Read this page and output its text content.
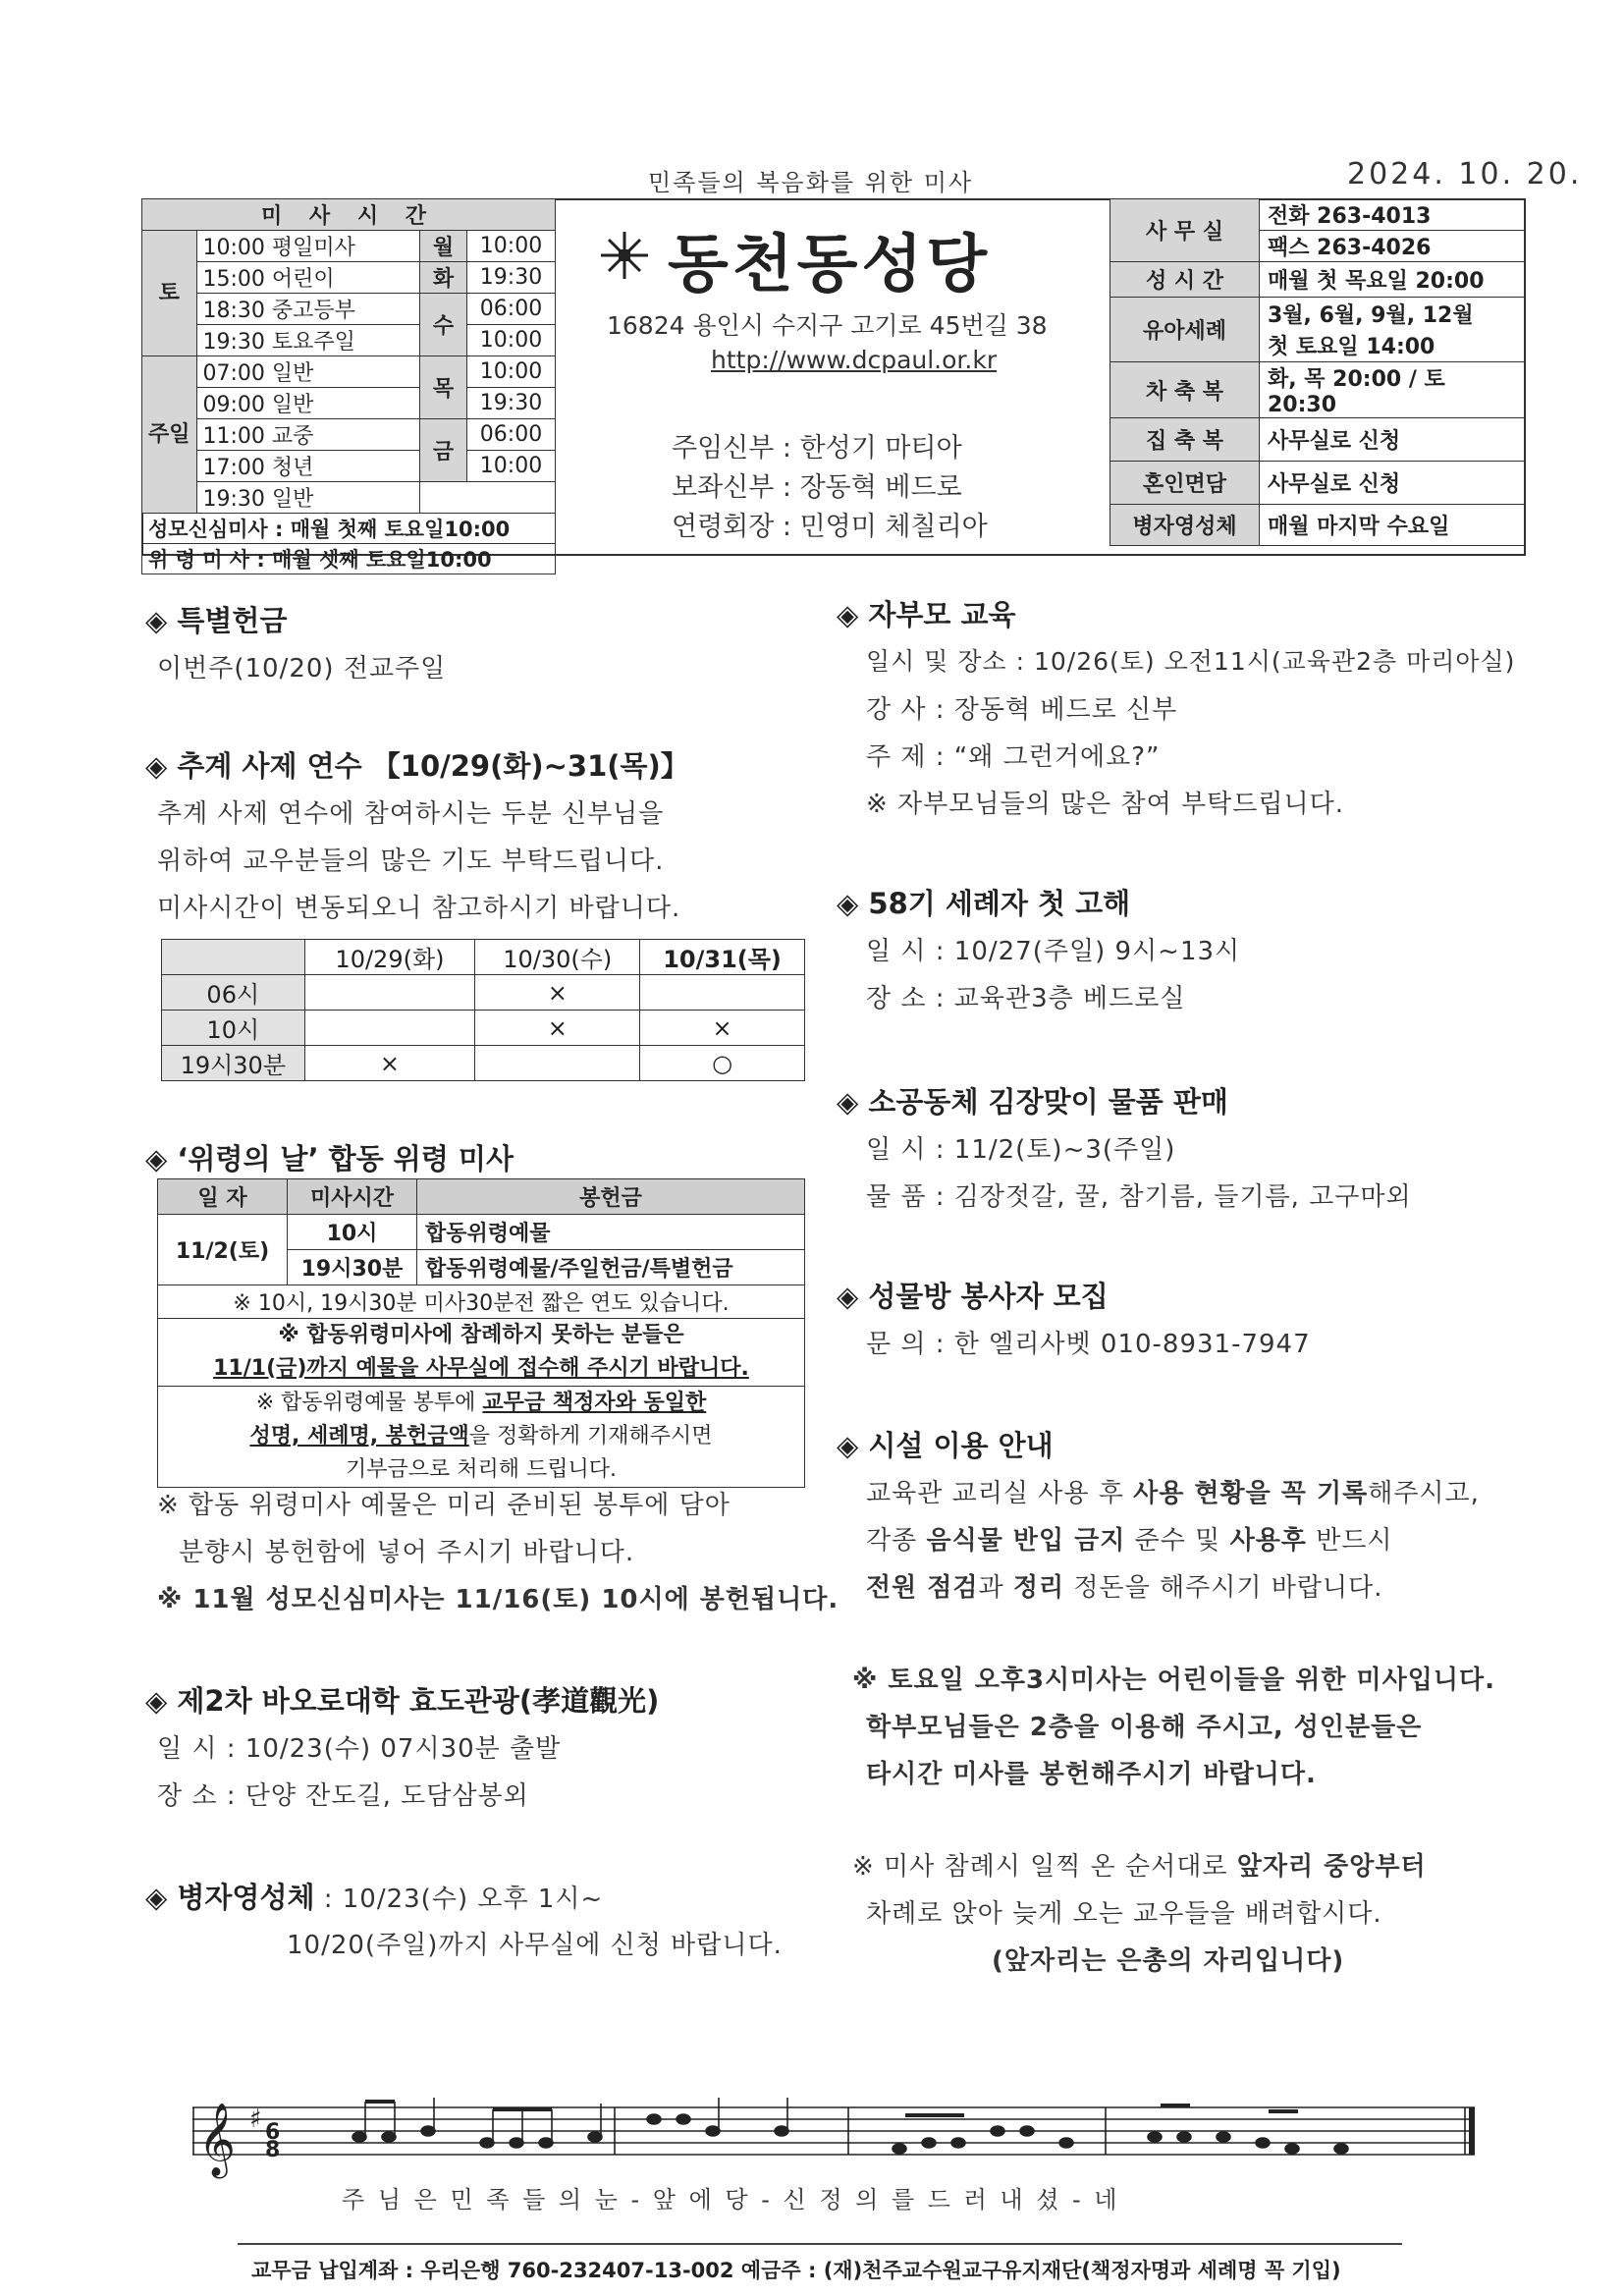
민족들의 복음화를 위한 미사	2024. 10. 20.
미 사 시 간			
토	10:00 평일미사	월	10:00
	15:00 어린이	화	19:30
	18:30 중고등부	수	06:00
	19:30 토요주일		10:00
주일	07:00 일반	목	10:00
	09:00 일반		19:30
	11:00 교중	금	06:00
	17:00 청년		10:00
	19:30 일반		
성모신심미사 : 매월 첫째 토요일10:00			
위 령 미 사 : 매월 셋째 토요일10:00			
동천동성당
16824 용인시 수지구 고기로 45번길 38
http://www.dcpaul.or.kr
주임신부 : 한성기 마티아
보좌신부 : 장동혁 베드로
연령회장 : 민영미 체칠리아
사 무 실	전화 263-4013
	팩스 263-4026
성 시 간	매월 첫 목요일 20:00
유아세례	3월, 6월, 9월, 12월
	첫 토요일 14:00
차 축 복	화, 목 20:00 / 토 20:30
집 축 복	사무실로 신청
혼인면담	사무실로 신청
병자영성체	매월 마지막 수요일
◈ 특별헌금
이번주(10/20) 전교주일
◈ 추계 사제 연수 【10/29(화)~31(목)】
추계 사제 연수에 참여하시는 두분 신부님을
위하여 교우분들의 많은 기도 부탁드립니다.
미사시간이 변동되오니 참고하시기 바랍니다.
	10/29(화)	10/30(수)	10/31(목)
06시		×	
10시		×	×
19시30분	×		○
◈ ‘위령의 날’ 합동 위령 미사
일 자	미사시간	봉헌금
11/2(토)	10시	합동위령예물
	19시30분	합동위령예물/주일헌금/특별헌금
※ 10시, 19시30분 미사30분전 짧은 연도 있습니다.		

※ 합동위령미사에 참례하지 못하는 분들은
11/1(금)까지 예물을 사무실에 접수해 주시기 바랍니다.		

※ 합동위령예물 봉투에 교무금 책정자와 동일한
성명, 세례명, 봉헌금액을 정확하게 기재해주시면
기부금으로 처리해 드립니다.		
※ 합동 위령미사 예물은 미리 준비된 봉투에 담아
분향시 봉헌함에 넣어 주시기 바랍니다.
※ 11월 성모신심미사는 11/16(토) 10시에 봉헌됩니다.
◈ 제2차 바오로대학 효도관광(孝道觀光)
일 시 : 10/23(수) 07시30분 출발
장 소 : 단양 잔도길, 도담삼봉외
◈ 병자영성체 : 10/23(수) 오후 1시~
10/20(주일)까지 사무실에 신청 바랍니다.
◈ 자부모 교육
일시 및 장소 : 10/26(토) 오전11시(교육관2층 마리아실)
강 사 : 장동혁 베드로 신부
주 제 : “왜 그런거에요?”
※ 자부모님들의 많은 참여 부탁드립니다.
◈ 58기 세례자 첫 고해
일 시 : 10/27(주일) 9시~13시
장 소 : 교육관3층 베드로실
◈ 소공동체 김장맞이 물품 판매
일 시 : 11/2(토)~3(주일)
물 품 : 김장젓갈, 꿀, 참기름, 들기름, 고구마외
◈ 성물방 봉사자 모집
문 의 : 한 엘리사벳 010-8931-7947
◈ 시설 이용 안내
교육관 교리실 사용 후 사용 현황을 꼭 기록해주시고,
각종 음식물 반입 금지 준수 및 사용후 반드시
전원 점검과 정리 정돈을 해주시기 바랍니다.
※ 토요일 오후3시미사는 어린이들을 위한 미사입니다.
학부모님들은 2층을 이용해 주시고, 성인분들은
타시간 미사를 봉헌해주시기 바랍니다.
※ 미사 참례시 일찍 온 순서대로 앞자리 중앙부터
차례로 앉아 늦게 오는 교우들을 배려합시다.
(앞자리는 은총의 자리입니다)
𝄞 ♯ 6
8
주 님 은 민 족 들 의 눈 - 앞 에 당 - 신 정 의 를 드 러 내 셨 - 네
교무금 납입계좌 : 우리은행 760-232407-13-002 예금주 : (재)천주교수원교구유지재단(책정자명과 세례명 꼭 기입)
